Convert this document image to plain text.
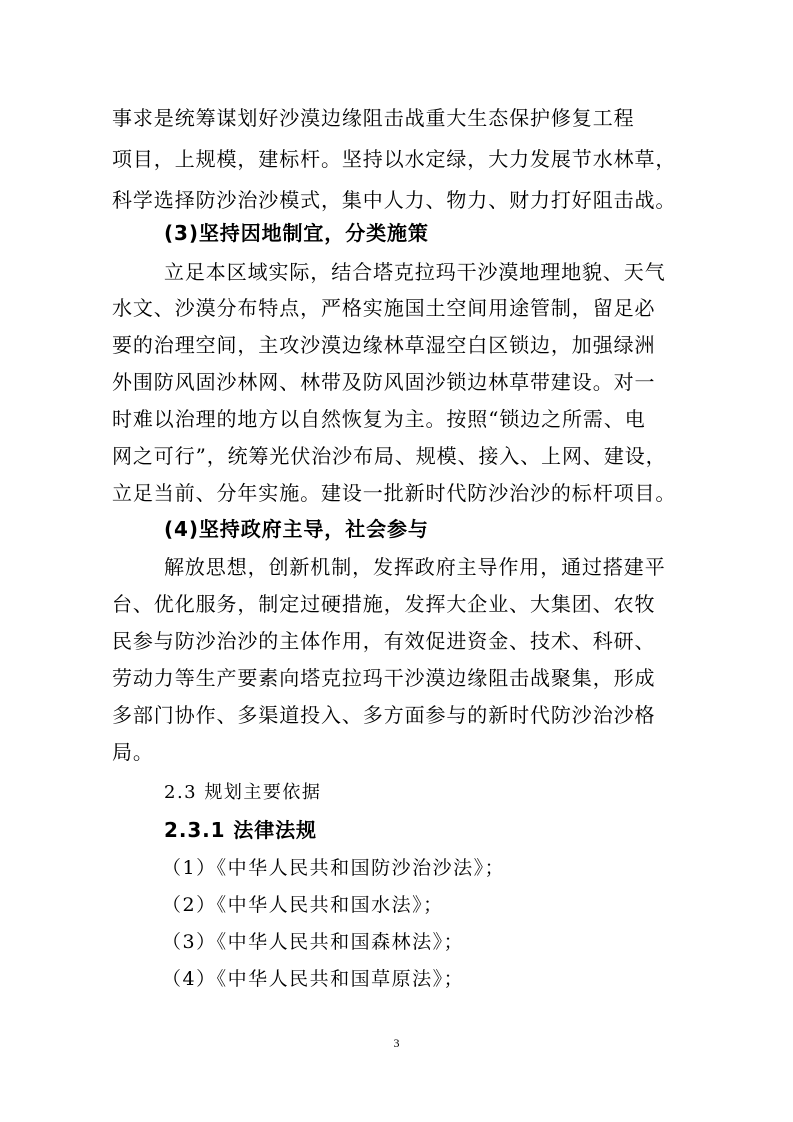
事求是统筹谋划好沙漠边缘阻击战重大生态保护修复工程
项目，上规模，建标杆。坚持以水定绿，大力发展节水林草，
科学选择防沙治沙模式，集中人力、物力、财力打好阻击战。
(3)坚持因地制宜，分类施策
立足本区域实际，结合塔克拉玛干沙漠地理地貌、天气
水文、沙漠分布特点，严格实施国土空间用途管制，留足必
要的治理空间，主攻沙漠边缘林草湿空白区锁边，加强绿洲
外围防风固沙林网、林带及防风固沙锁边林草带建设。对一
时难以治理的地方以自然恢复为主。按照“锁边之所需、电
网之可行”，统筹光伏治沙布局、规模、接入、上网、建设，
立足当前、分年实施。建设一批新时代防沙治沙的标杆项目。
(4)坚持政府主导，社会参与
解放思想，创新机制，发挥政府主导作用，通过搭建平
台、优化服务，制定过硬措施，发挥大企业、大集团、农牧
民参与防沙治沙的主体作用，有效促进资金、技术、科研、
劳动力等生产要素向塔克拉玛干沙漠边缘阻击战聚集，形成
多部门协作、多渠道投入、多方面参与的新时代防沙治沙格
局。
2.3 规划主要依据
2.3.1 法律法规
（1）《中华人民共和国防沙治沙法》；
（2）《中华人民共和国水法》；
（3）《中华人民共和国森林法》；
（4）《中华人民共和国草原法》；
3
